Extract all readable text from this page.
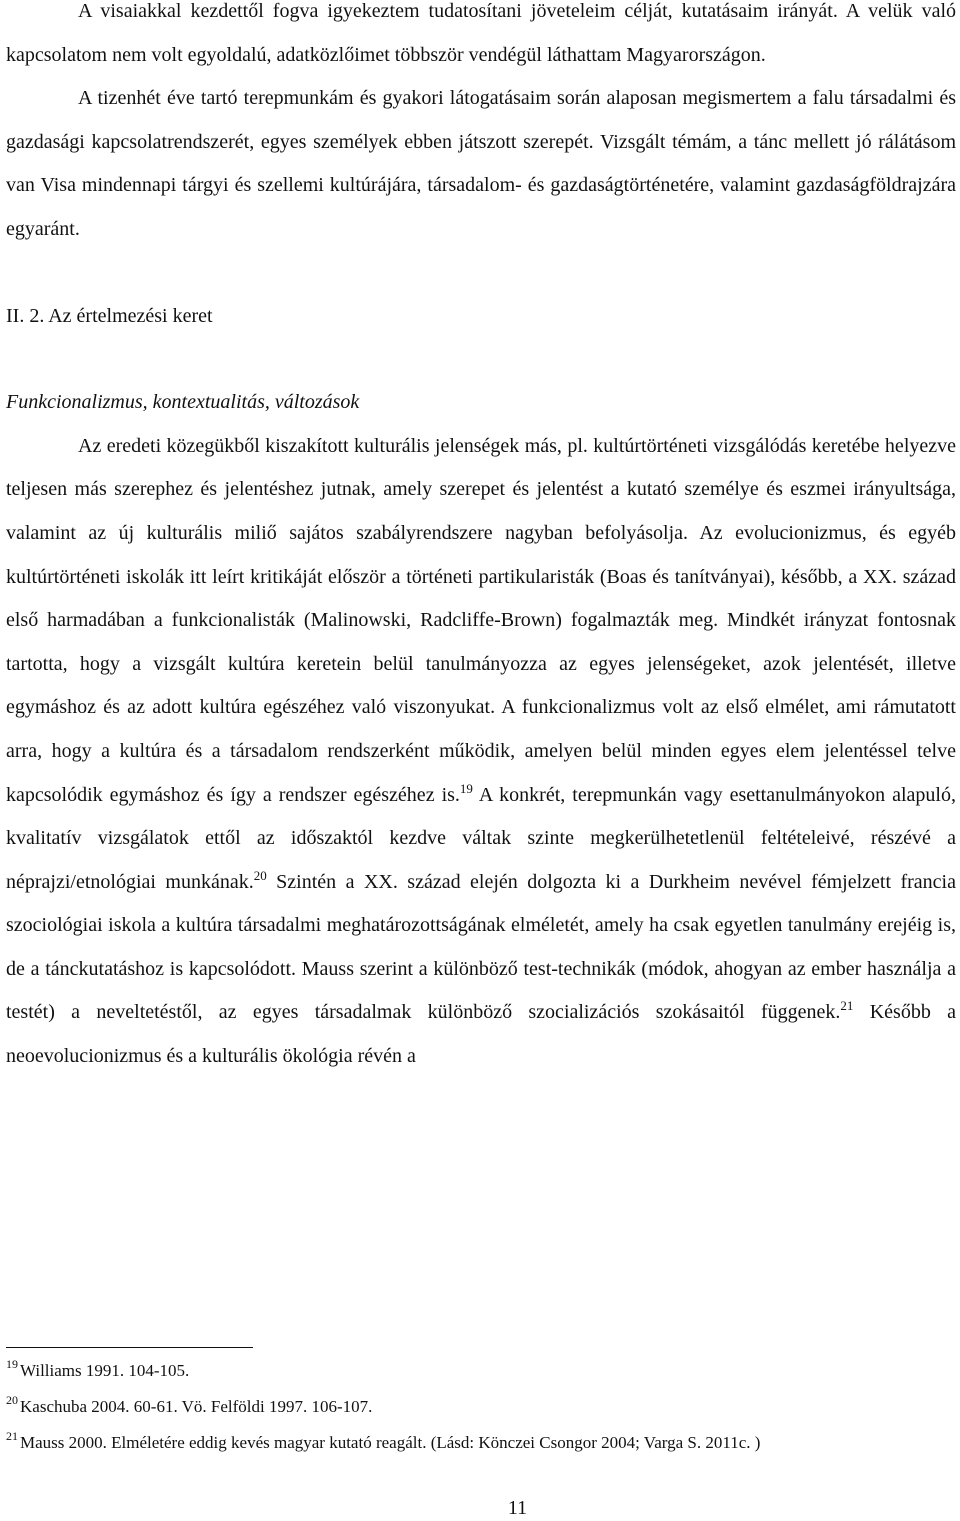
A visaiakkal kezdettől fogva igyekeztem tudatosítani jöveteleim célját, kutatásaim irányát. A velük való kapcsolatom nem volt egyoldalú, adatközlőimet többször vendégül láthattam Magyarországon.

A tizenhét éve tartó terepmunkám és gyakori látogatásaim során alaposan megismertem a falu társadalmi és gazdasági kapcsolatrendszerét, egyes személyek ebben játszott szerepét. Vizsgált témám, a tánc mellett jó rálátásom van Visa mindennapi tárgyi és szellemi kultúrájára, társadalom- és gazdaságtörténetére, valamint gazdaságföldrajzára egyaránt.

II. 2. Az értelmezési keret

Funkcionalizmus, kontextualitás, változások

Az eredeti közegükből kiszakított kulturális jelenségek más, pl. kultúrtörténeti vizsgálódás keretébe helyezve teljesen más szerephez és jelentéshez jutnak, amely szerepet és jelentést a kutató személye és eszmei irányultsága, valamint az új kulturális miliő sajátos szabályrendszere nagyban befolyásolja. Az evolucionizmus, és egyéb kultúrtörténeti iskolák itt leírt kritikáját először a történeti partikularisták (Boas és tanítványai), később, a XX. század első harmadában a funkcionalisták (Malinowski, Radcliffe-Brown) fogalmazták meg. Mindkét irányzat fontosnak tartotta, hogy a vizsgált kultúra keretein belül tanulmányozza az egyes jelenségeket, azok jelentését, illetve egymáshoz és az adott kultúra egészéhez való viszonyukat. A funkcionalizmus volt az első elmélet, ami rámutatott arra, hogy a kultúra és a társadalom rendszerként működik, amelyen belül minden egyes elem jelentéssel telve kapcsolódik egymáshoz és így a rendszer egészéhez is.$^{19}$ A konkrét, terepmunkán vagy esettanulmányokon alapuló, kvalitatív vizsgálatok ettől az időszaktól kezdve váltak szinte megkerülhetetlenül feltételeivé, részévé a néprajzi/etnológiai munkának.$^{20}$ Szintén a XX. század elején dolgozta ki a Durkheim nevével fémjelzett francia szociológiai iskola a kultúra társadalmi meghatározottságának elméletét, amely ha csak egyetlen tanulmány erejéig is, de a tánckutatáshoz is kapcsolódott. Mauss szerint a különböző test-technikák (módok, ahogyan az ember használja a testét) a neveltetéstől, az egyes társadalmak különböző szocializációs szokásaitól függenek.$^{21}$ Később a neoevolucionizmus és a kulturális ökológia révén a

$^{19}$ Williams 1991. 104-105.

$^{20}$ Kaschuba 2004. 60-61. Vö. Felföldi 1997. 106-107.

$^{21}$ Mauss 2000. Elméletére eddig kevés magyar kutató reagált. (Lásd: Könczei Csongor 2004; Varga S. 2011c. )

11
